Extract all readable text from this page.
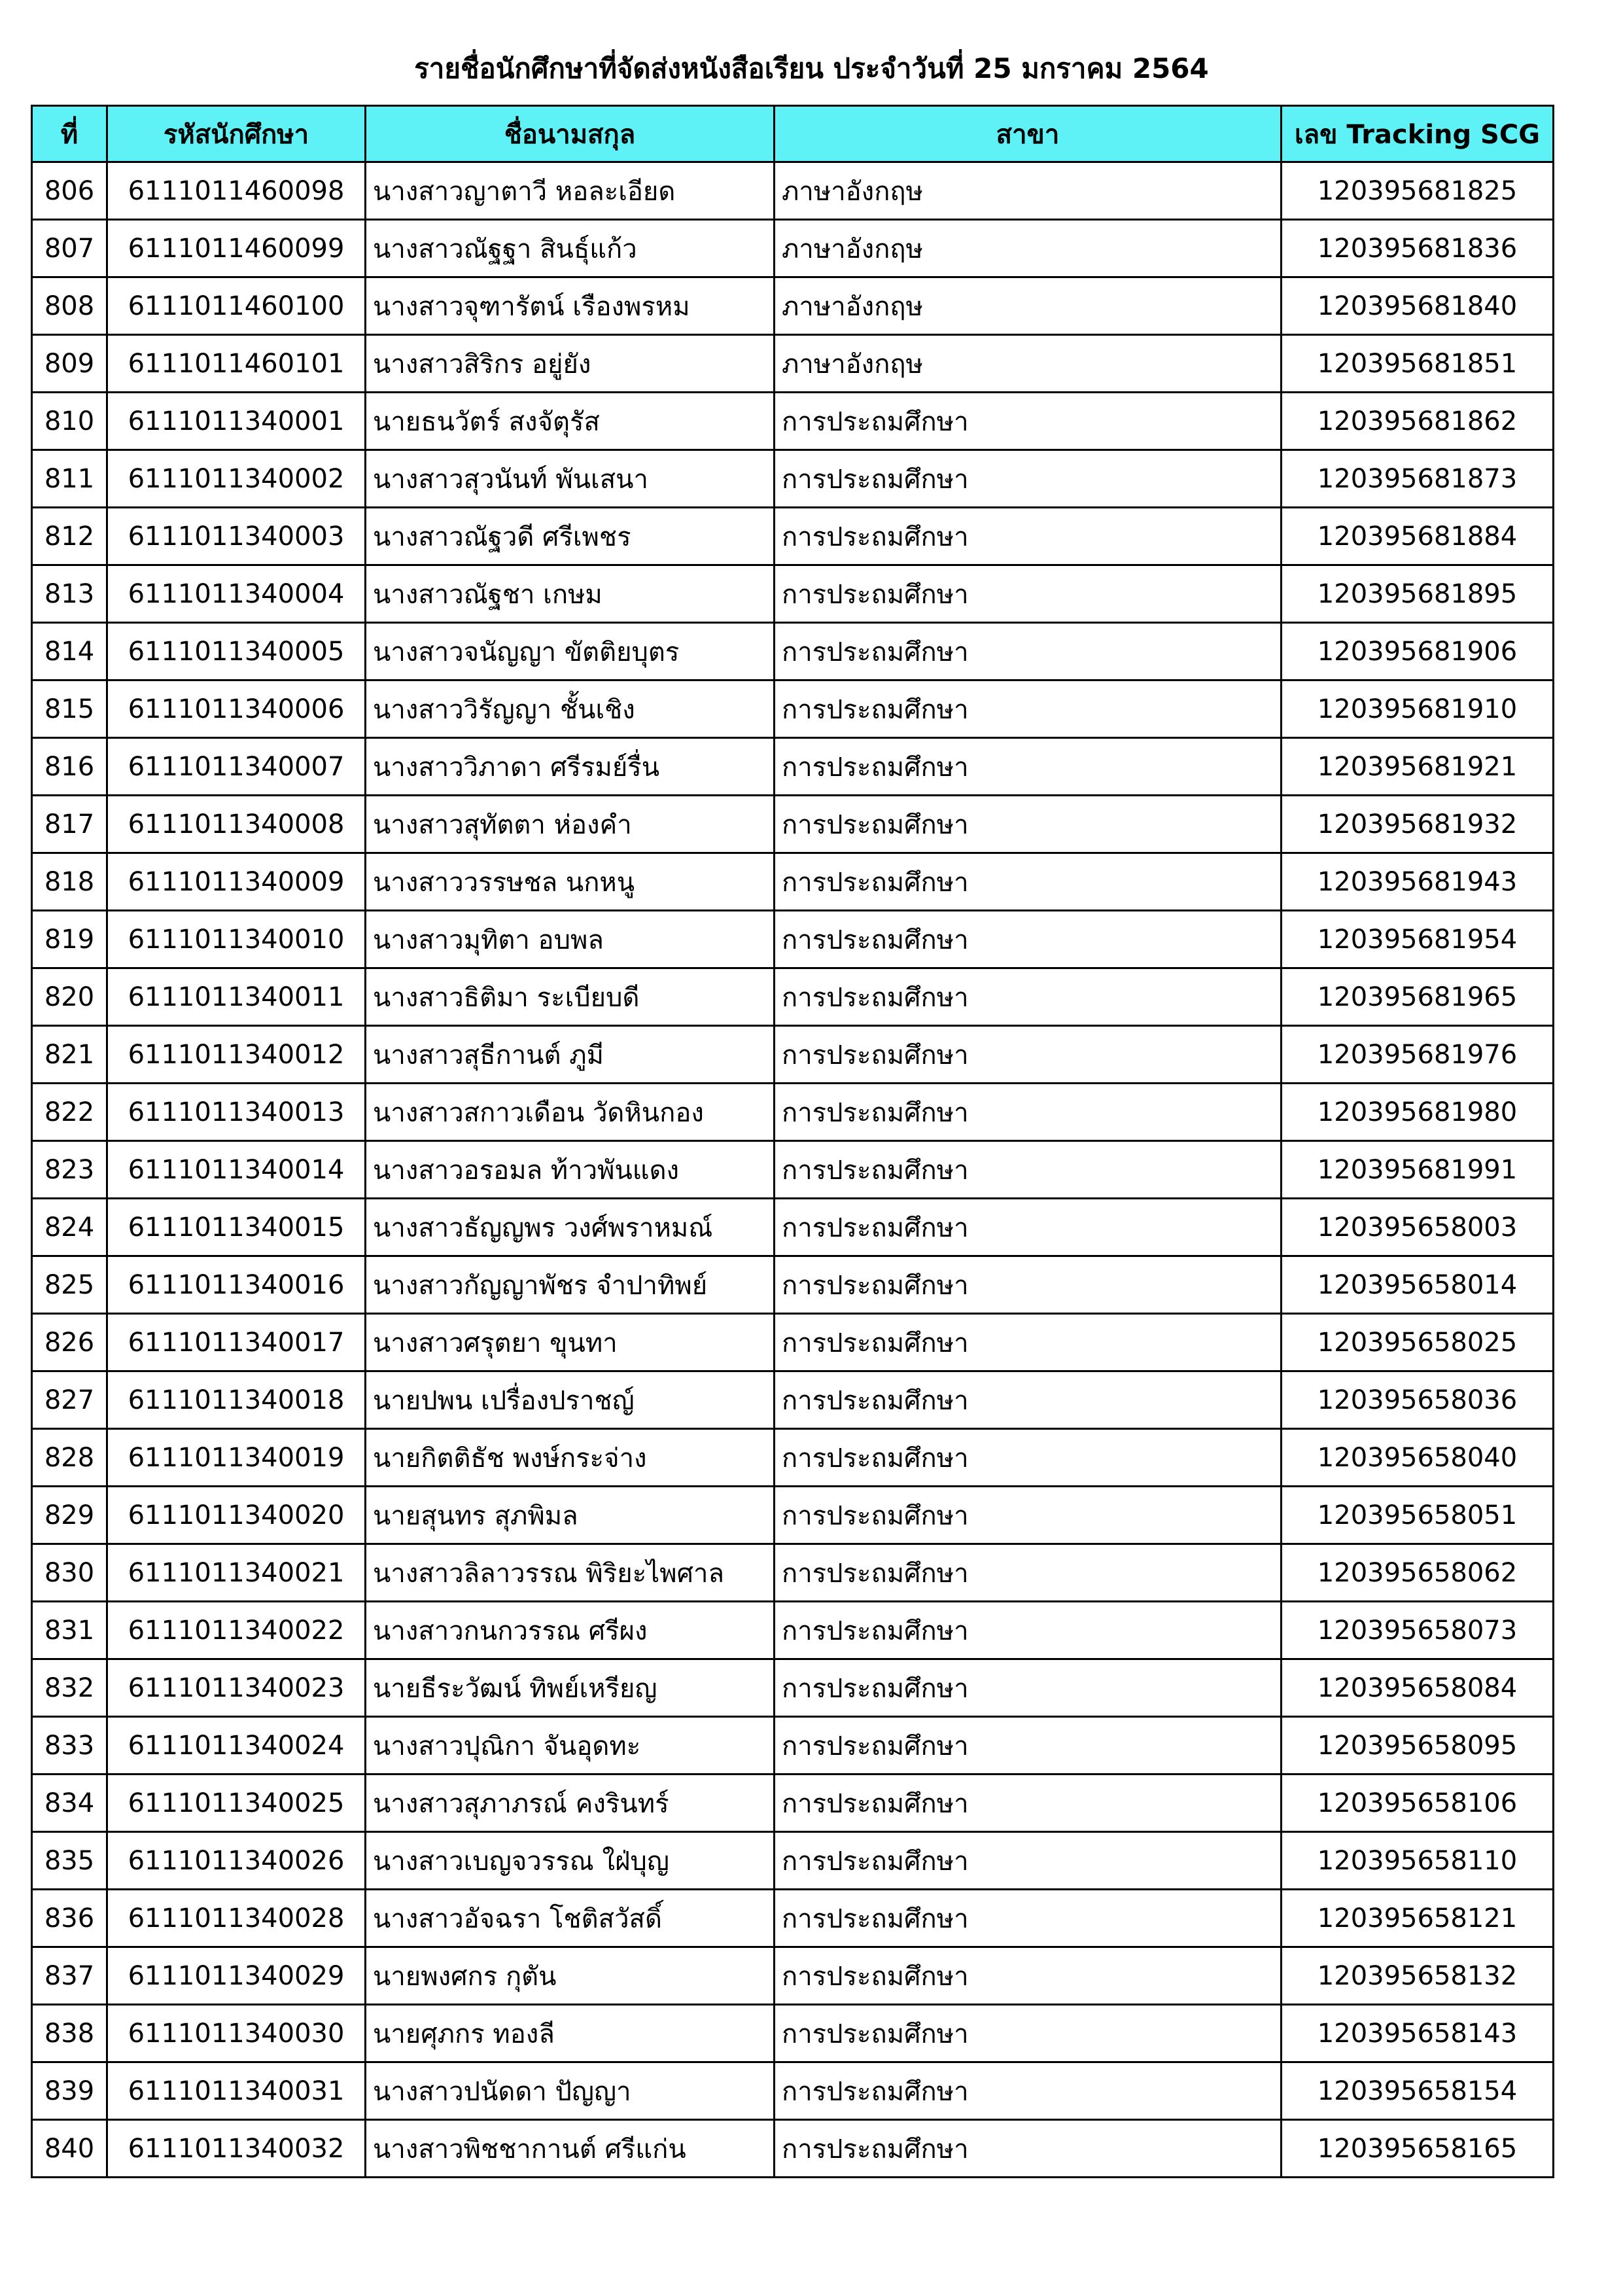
รายชื่อนักศึกษาที่จัดส่งหนังสือเรียน ประจำวันที่ 25 มกราคม 2564
ที่	รหัสนักศึกษา	ชื่อนามสกุล	สาขา	เลข Tracking SCG
806	6111011460098	นางสาวญาตาวี หอละเอียด	ภาษาอังกฤษ	120395681825
807	6111011460099	นางสาวณัฐฐา สินธุ์แก้ว	ภาษาอังกฤษ	120395681836
808	6111011460100	นางสาวจุฑารัตน์ เรืองพรหม	ภาษาอังกฤษ	120395681840
809	6111011460101	นางสาวสิริกร อยู่ยัง	ภาษาอังกฤษ	120395681851
810	6111011340001	นายธนวัตร์ สงจัตุรัส	การประถมศึกษา	120395681862
811	6111011340002	นางสาวสุวนันท์ พันเสนา	การประถมศึกษา	120395681873
812	6111011340003	นางสาวณัฐวดี ศรีเพชร	การประถมศึกษา	120395681884
813	6111011340004	นางสาวณัฐชา เกษม	การประถมศึกษา	120395681895
814	6111011340005	นางสาวจนัญญา ขัตติยบุตร	การประถมศึกษา	120395681906
815	6111011340006	นางสาววิรัญญา ชั้นเชิง	การประถมศึกษา	120395681910
816	6111011340007	นางสาววิภาดา ศรีรมย์รื่น	การประถมศึกษา	120395681921
817	6111011340008	นางสาวสุทัตตา ห่องคำ	การประถมศึกษา	120395681932
818	6111011340009	นางสาววรรษชล นกหนู	การประถมศึกษา	120395681943
819	6111011340010	นางสาวมุทิตา อบพล	การประถมศึกษา	120395681954
820	6111011340011	นางสาวธิติมา ระเบียบดี	การประถมศึกษา	120395681965
821	6111011340012	นางสาวสุธีกานต์ ภูมี	การประถมศึกษา	120395681976
822	6111011340013	นางสาวสกาวเดือน วัดหินกอง	การประถมศึกษา	120395681980
823	6111011340014	นางสาวอรอมล ท้าวพันแดง	การประถมศึกษา	120395681991
824	6111011340015	นางสาวธัญญพร วงศ์พราหมณ์	การประถมศึกษา	120395658003
825	6111011340016	นางสาวกัญญาพัชร จำปาทิพย์	การประถมศึกษา	120395658014
826	6111011340017	นางสาวศรุตยา ขุนทา	การประถมศึกษา	120395658025
827	6111011340018	นายปพน เปรื่องปราชญ์	การประถมศึกษา	120395658036
828	6111011340019	นายกิตติธัช พงษ์กระจ่าง	การประถมศึกษา	120395658040
829	6111011340020	นายสุนทร สุภพิมล	การประถมศึกษา	120395658051
830	6111011340021	นางสาวลิลาวรรณ พิริยะไพศาล	การประถมศึกษา	120395658062
831	6111011340022	นางสาวกนกวรรณ ศรีผง	การประถมศึกษา	120395658073
832	6111011340023	นายธีระวัฒน์ ทิพย์เหรียญ	การประถมศึกษา	120395658084
833	6111011340024	นางสาวปุณิกา จันอุดทะ	การประถมศึกษา	120395658095
834	6111011340025	นางสาวสุภาภรณ์ คงรินทร์	การประถมศึกษา	120395658106
835	6111011340026	นางสาวเบญจวรรณ ใฝ่บุญ	การประถมศึกษา	120395658110
836	6111011340028	นางสาวอัจฉรา โชติสวัสดิ์	การประถมศึกษา	120395658121
837	6111011340029	นายพงศกร กุตัน	การประถมศึกษา	120395658132
838	6111011340030	นายศุภกร ทองลี	การประถมศึกษา	120395658143
839	6111011340031	นางสาวปนัดดา ปัญญา	การประถมศึกษา	120395658154
840	6111011340032	นางสาวพิชชากานต์ ศรีแก่น	การประถมศึกษา	120395658165
